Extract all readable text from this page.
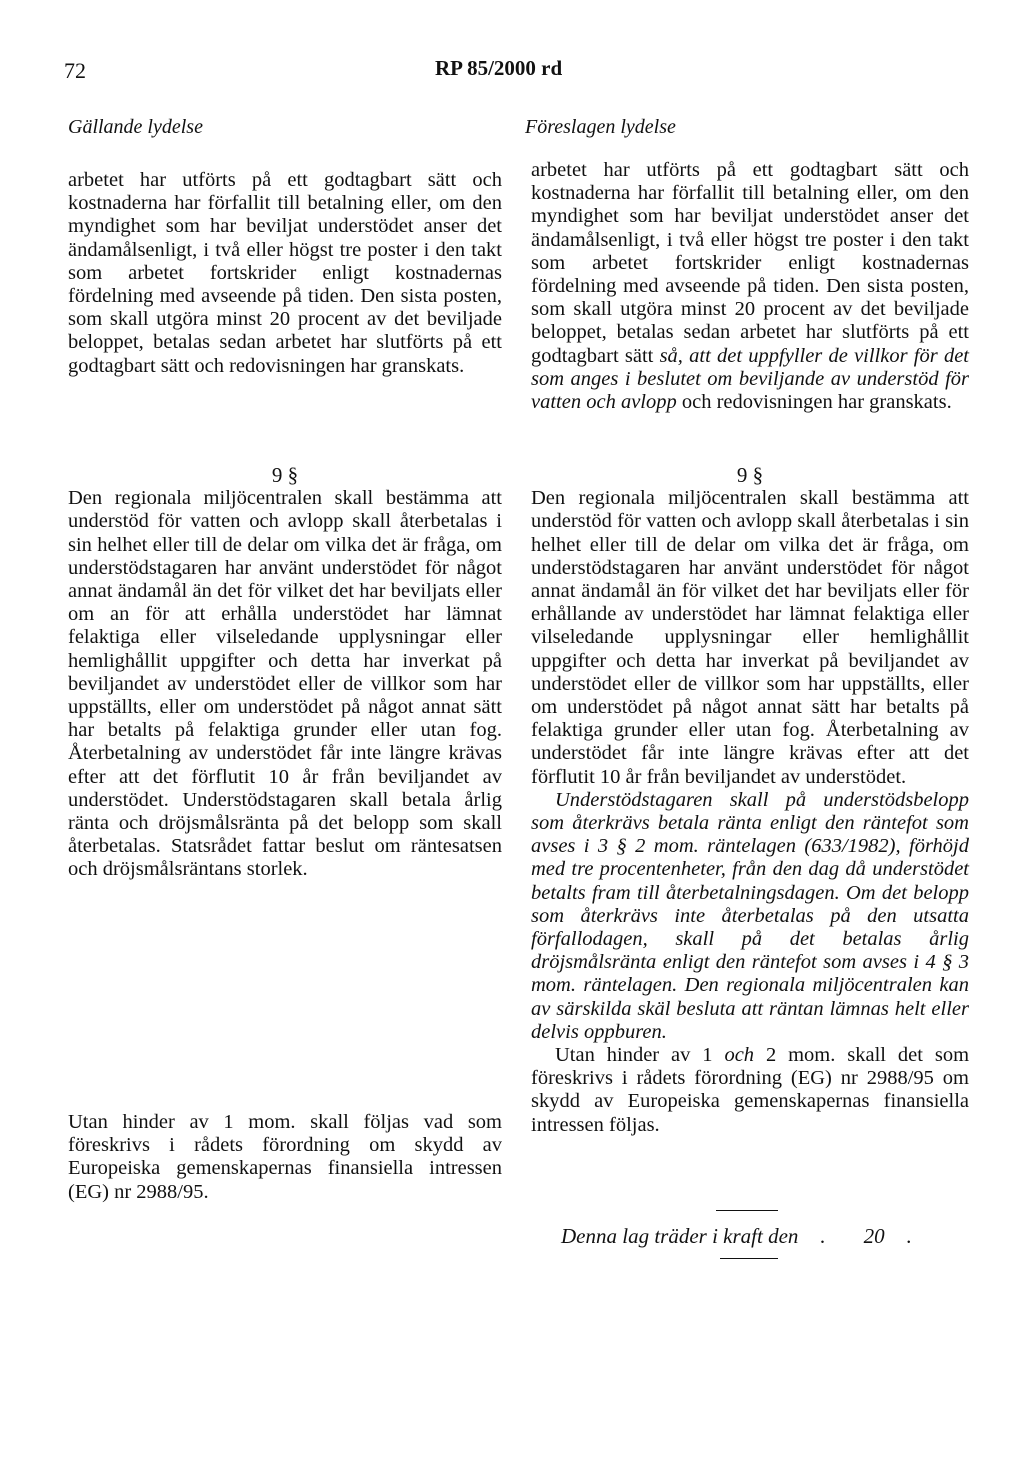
72	RP 85/2000 rd
Gällande lydelse	Föreslagen lydelse

arbetet har utförts på ett godtagbart sätt och kostnaderna har förfallit till betalning eller, om den myndighet som har beviljat understödet anser det ändamålsenligt, i två eller högst tre poster i den takt som arbetet fortskrider enligt kostnadernas fördelning med avseende på tiden. Den sista posten, som skall utgöra minst 20 procent av det beviljade beloppet, betalas sedan arbetet har slutförts på ett godtagbart sätt och redovisningen har granskats.

9 §

Den regionala miljöcentralen skall bestämma att understöd för vatten och avlopp skall återbetalas i sin helhet eller till de delar om vilka det är fråga, om understödstagaren har använt understödet för något annat ändamål än det för vilket det har beviljats eller om an för att erhålla understödet har lämnat felaktiga eller vilseledande upplysningar eller hemlighållit uppgifter och detta har inverkat på beviljandet av understödet eller de villkor som har uppställts, eller om understödet på något annat sätt har betalts på felaktiga grunder eller utan fog. Återbetalning av understödet får inte längre krävas efter att det förflutit 10 år från beviljandet av understödet. Understödstagaren skall betala årlig ränta och dröjsmålsränta på det belopp som skall återbetalas. Statsrådet fattar beslut om räntesatsen och dröjsmålsräntans storlek.

Utan hinder av 1 mom. skall följas vad som föreskrivs i rådets förordning om skydd av Europeiska gemenskapernas finansiella intressen (EG) nr 2988/95.

arbetet har utförts på ett godtagbart sätt och kostnaderna har förfallit till betalning eller, om den myndighet som har beviljat understödet anser det ändamålsenligt, i två eller högst tre poster i den takt som arbetet fortskrider enligt kostnadernas fördelning med avseende på tiden. Den sista posten, som skall utgöra minst 20 procent av det beviljade beloppet, betalas sedan arbetet har slutförts på ett godtagbart sätt så, att det uppfyller de villkor för det som anges i beslutet om beviljande av understöd för vatten och avlopp och redovisningen har granskats.

9 §

Den regionala miljöcentralen skall bestämma att understöd för vatten och avlopp skall återbetalas i sin helhet eller till de delar om vilka det är fråga, om understödstagaren har använt understödet för något annat ändamål än för vilket det har beviljats eller för erhållande av understödet har lämnat felaktiga eller vilseledande upplysningar eller hemlighållit uppgifter och detta har inverkat på beviljandet av understödet eller de villkor som har uppställts, eller om understödet på något annat sätt har betalts på felaktiga grunder eller utan fog. Återbetalning av understödet får inte längre krävas efter att det förflutit 10 år från beviljandet av understödet.

Understödstagaren skall på understödsbelopp som återkrävs betala ränta enligt den räntefot som avses i 3 § 2 mom. räntelagen (633/1982), förhöjd med tre procentenheter, från den dag då understödet betalts fram till återbetalningsdagen. Om det belopp som återkrävs inte återbetalas på den utsatta förfallodagen, skall på det betalas årlig dröjsmålsränta enligt den räntefot som avses i 4 § 3 mom. räntelagen. Den regionala miljöcentralen kan av särskilda skäl besluta att räntan lämnas helt eller delvis oppburen.

Utan hinder av 1 och 2 mom. skall det som föreskrivs i rådets förordning (EG) nr 2988/95 om skydd av Europeiska gemenskapernas finansiella intressen följas.

Denna lag träder i kraft den . 20 .
